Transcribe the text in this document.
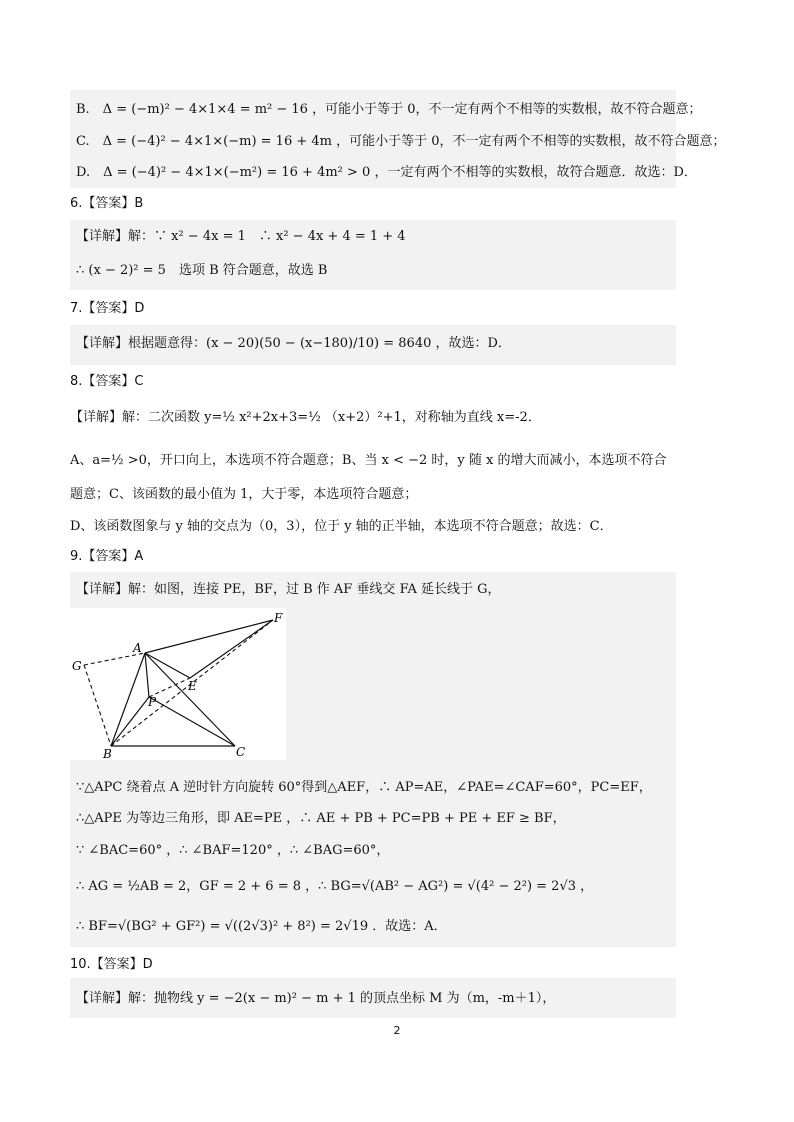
B.　Δ = (−m)² − 4×1×4 = m² − 16 ，可能小于等于 0，不一定有两个不相等的实数根，故不符合题意；
C.　Δ = (−4)² − 4×1×(−m) = 16 + 4m ，可能小于等于 0，不一定有两个不相等的实数根，故不符合题意；
D.　Δ = (−4)² − 4×1×(−m²) = 16 + 4m² > 0 ，一定有两个不相等的实数根，故符合题意．故选：D．
6.【答案】B
【详解】解：∵ x² − 4x = 1　∴ x² − 4x + 4 = 1 + 4
∴ (x − 2)² = 5　选项 B 符合题意，故选 B
7.【答案】D
【详解】根据题意得：(x − 20)(50 − (x−180)/10) = 8640 ，故选：D．
8.【答案】C
【详解】解：二次函数 y=½ x²+2x+3=½ （x+2）²+1，对称轴为直线 x=-2．
A、a=½ >0，开口向上，本选项不符合题意；B、当 x < −2 时，y 随 x 的增大而减小，本选项不符合
题意；C、该函数的最小值为 1，大于零，本选项符合题意；
D、该函数图象与 y 轴的交点为（0，3），位于 y 轴的正半轴，本选项不符合题意；故选：C．
9.【答案】A
【详解】解：如图，连接 PE，BF，过 B 作 AF 垂线交 FA 延长线于 G，
A
F
G
E
P
B	C
∵△APC 绕着点 A 逆时针方向旋转 60°得到△AEF，∴ AP=AE，∠PAE=∠CAF=60°，PC=EF，
∴△APE 为等边三角形，即 AE=PE ，∴ AE + PB + PC=PB + PE + EF ≥ BF，
∵ ∠BAC=60° ，∴ ∠BAF=120° ，∴ ∠BAG=60°，
∴ AG = ½AB = 2，GF = 2 + 6 = 8 ，∴ BG=√(AB² − AG²) = √(4² − 2²) = 2√3 ，
∴ BF=√(BG² + GF²) = √((2√3)² + 8²) = 2√19 ．故选：A．
10.【答案】D
【详解】解：抛物线 y = −2(x − m)² − m + 1 的顶点坐标 M 为（m，-m＋1），
2
